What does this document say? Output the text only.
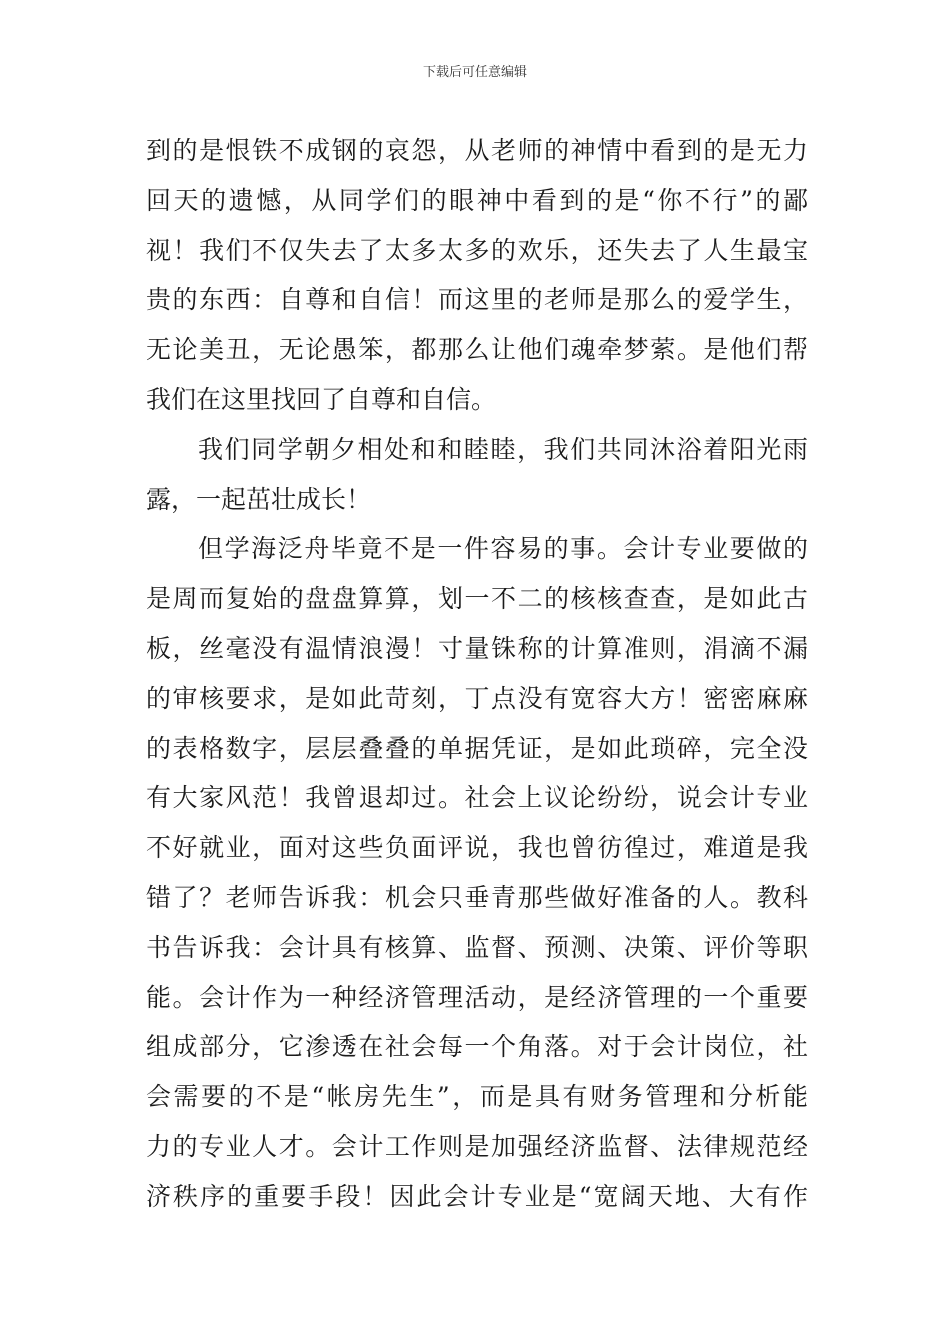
下载后可任意编辑
到的是恨铁不成钢的哀怨，从老师的神情中看到的是无力
回天的遗憾，从同学们的眼神中看到的是“你不行”的鄙
视！我们不仅失去了太多太多的欢乐，还失去了人生最宝
贵的东西：自尊和自信！而这里的老师是那么的爱学生，
无论美丑，无论愚笨，都那么让他们魂牵梦萦。是他们帮
我们在这里找回了自尊和自信。
我们同学朝夕相处和和睦睦，我们共同沐浴着阳光雨
露，一起茁壮成长！
但学海泛舟毕竟不是一件容易的事。会计专业要做的
是周而复始的盘盘算算，划一不二的核核查查，是如此古
板，丝毫没有温情浪漫！寸量铢称的计算准则，涓滴不漏
的审核要求，是如此苛刻，丁点没有宽容大方！密密麻麻
的表格数字，层层叠叠的单据凭证，是如此琐碎，完全没
有大家风范！我曾退却过。社会上议论纷纷，说会计专业
不好就业，面对这些负面评说，我也曾彷徨过，难道是我
错了？老师告诉我：机会只垂青那些做好准备的人。教科
书告诉我：会计具有核算、监督、预测、决策、评价等职
能。会计作为一种经济管理活动，是经济管理的一个重要
组成部分，它渗透在社会每一个角落。对于会计岗位，社
会需要的不是“帐房先生”，而是具有财务管理和分析能
力的专业人才。会计工作则是加强经济监督、法律规范经
济秩序的重要手段！因此会计专业是“宽阔天地、大有作
